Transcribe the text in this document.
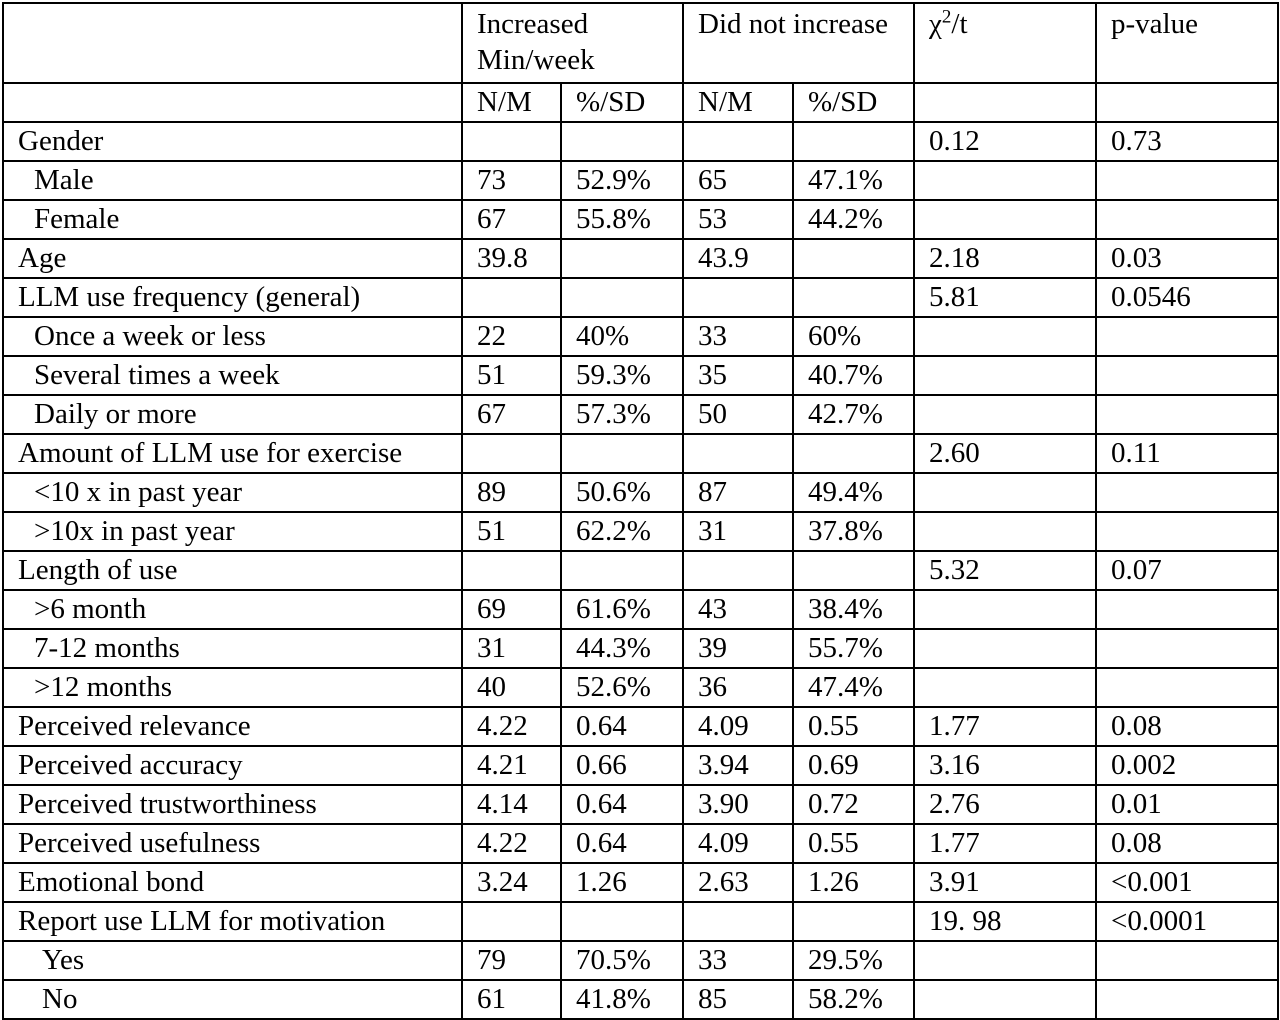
	Increased Min/week		Did not increase		$\chi^2/t$	p-value
	N/M	%/SD	N/M	%/SD		
Gender					0.12	0.73
Male	73	52.9%	65	47.1%		
Female	67	55.8%	53	44.2%		
Age	39.8		43.9		2.18	0.03
LLM use frequency (general)					5.81	0.0546
Once a week or less	22	40%	33	60%		
Several times a week	51	59.3%	35	40.7%		
Daily or more	67	57.3%	50	42.7%		
Amount of LLM use for exercise					2.60	0.11
<10 x in past year	89	50.6%	87	49.4%		
>10x in past year	51	62.2%	31	37.8%		
Length of use					5.32	0.07
>6 month	69	61.6%	43	38.4%		
7-12 months	31	44.3%	39	55.7%		
>12 months	40	52.6%	36	47.4%		
Perceived relevance	4.22	0.64	4.09	0.55	1.77	0.08
Perceived accuracy	4.21	0.66	3.94	0.69	3.16	0.002
Perceived trustworthiness	4.14	0.64	3.90	0.72	2.76	0.01
Perceived usefulness	4.22	0.64	4.09	0.55	1.77	0.08
Emotional bond	3.24	1.26	2.63	1.26	3.91	<0.001
Report use LLM for motivation					19. 98	<0.0001
Yes	79	70.5%	33	29.5%		
No	61	41.8%	85	58.2%		
